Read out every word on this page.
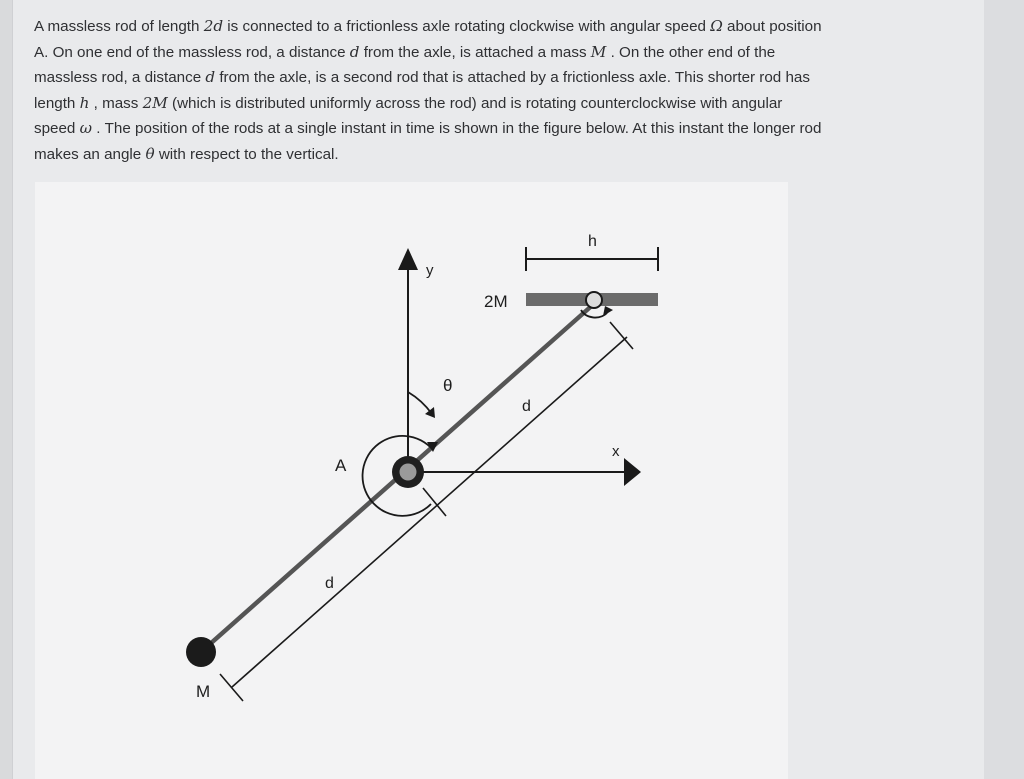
A massless rod of length 2d is connected to a frictionless axle rotating clockwise with angular speed Ω about position
A. On one end of the massless rod, a distance d from the axle, is attached a mass M . On the other end of the
massless rod, a distance d from the axle, is a second rod that is attached by a frictionless axle. This shorter rod has
length h , mass 2M (which is distributed uniformly across the rod) and is rotating counterclockwise with angular
speed ω . The position of the rods at a single instant in time is shown in the figure below. At this instant the longer rod
makes an angle θ with respect to the vertical.
y
x
θ
A
M
2M
h
d
d
